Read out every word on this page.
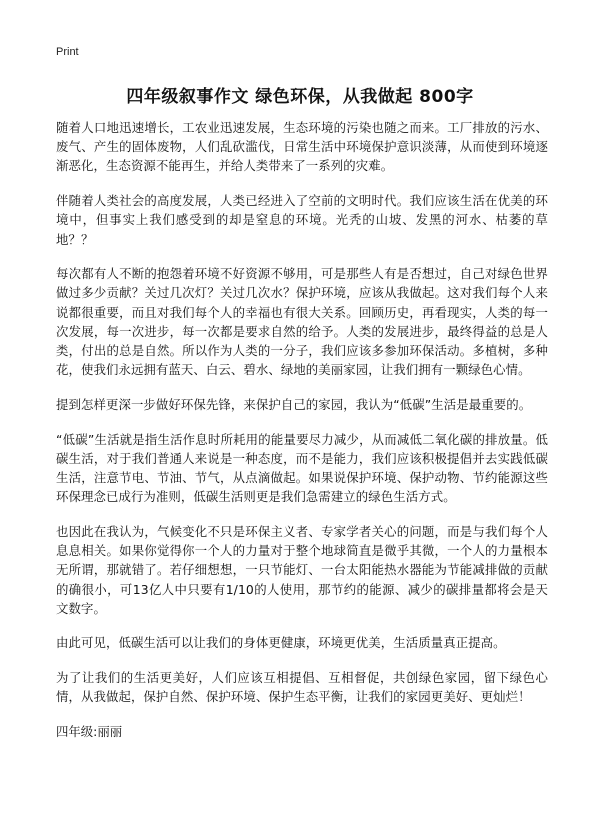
Print
四年级叙事作文 绿色环保，从我做起 800字

随着人口地迅速增长，工农业迅速发展，生态环境的污染也随之而来。工厂排放的污水、废气、产生的固体废物，人们乱砍滥伐，日常生活中环境保护意识淡薄，从而使到环境逐渐恶化，生态资源不能再生，并给人类带来了一系列的灾难。

伴随着人类社会的高度发展，人类已经进入了空前的文明时代。我们应该生活在优美的环境中，但事实上我们感受到的却是窒息的环境。光秃的山坡、发黑的河水、枯萎的草地？？

每次都有人不断的抱怨着环境不好资源不够用，可是那些人有是否想过，自己对绿色世界做过多少贡献？关过几次灯？关过几次水？保护环境，应该从我做起。这对我们每个人来说都很重要，而且对我们每个人的幸福也有很大关系。回顾历史，再看现实，人类的每一次发展，每一次进步，每一次都是要求自然的给予。人类的发展进步，最终得益的总是人类，付出的总是自然。所以作为人类的一分子，我们应该多参加环保活动。多植树，多种花，使我们永远拥有蓝天、白云、碧水、绿地的美丽家园，让我们拥有一颗绿色心情。

提到怎样更深一步做好环保先锋，来保护自己的家园，我认为“低碳”生活是最重要的。

“低碳”生活就是指生活作息时所耗用的能量要尽力减少，从而减低二氧化碳的排放量。低碳生活，对于我们普通人来说是一种态度，而不是能力，我们应该积极提倡并去实践低碳生活，注意节电、节油、节气，从点滴做起。如果说保护环境、保护动物、节约能源这些环保理念已成行为准则，低碳生活则更是我们急需建立的绿色生活方式。

也因此在我认为，气候变化不只是环保主义者、专家学者关心的问题，而是与我们每个人息息相关。如果你觉得你一个人的力量对于整个地球简直是微乎其微，一个人的力量根本无所谓，那就错了。若仔细想想，一只节能灯、一台太阳能热水器能为节能减排做的贡献的确很小，可13亿人中只要有1/10的人使用，那节约的能源、减少的碳排量都将会是天文数字。

由此可见，低碳生活可以让我们的身体更健康，环境更优美，生活质量真正提高。

为了让我们的生活更美好，人们应该互相提倡、互相督促，共创绿色家园，留下绿色心情，从我做起，保护自然、保护环境、保护生态平衡，让我们的家园更美好、更灿烂！

四年级:丽丽
